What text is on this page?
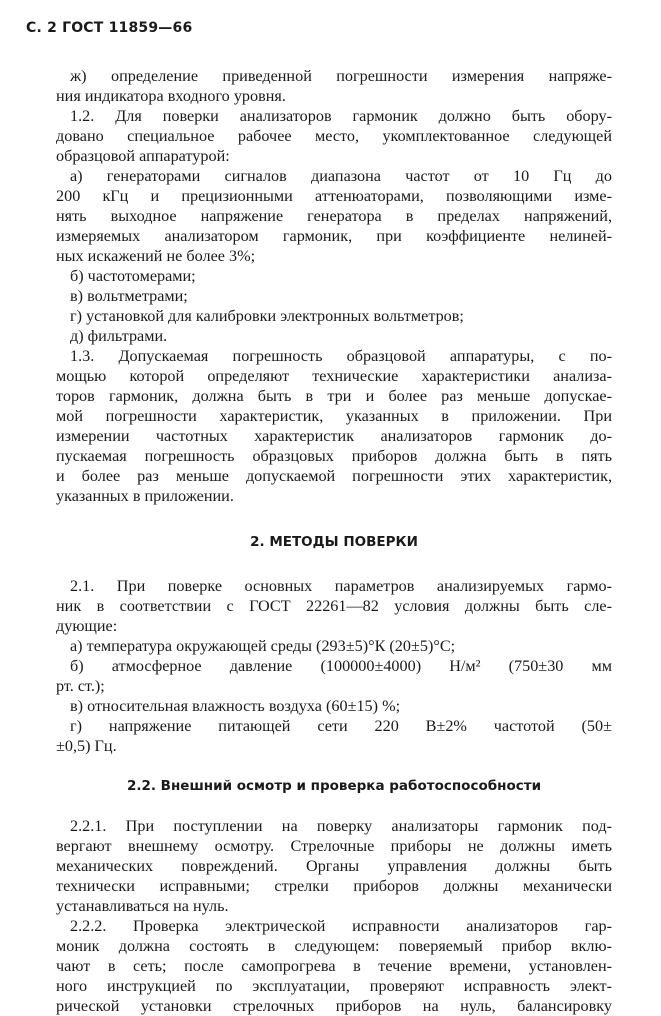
С. 2 ГОСТ 11859—66
ж) определение приведенной погрешности измерения напряже-
ния индикатора входного уровня.
1.2. Для поверки анализаторов гармоник должно быть обору-
довано специальное рабочее место, укомплектованное следующей
образцовой аппаратурой:
а) генераторами сигналов диапазона частот от 10 Гц до
200 кГц и прецизионными аттенюаторами, позволяющими изме-
нять выходное напряжение генератора в пределах напряжений,
измеряемых анализатором гармоник, при коэффициенте нелиней-
ных искажений не более 3%;
б) частотомерами;
в) вольтметрами;
г) установкой для калибровки электронных вольтметров;
д) фильтрами.
1.3. Допускаемая погрешность образцовой аппаратуры, с по-
мощью которой определяют технические характеристики анализа-
торов гармоник, должна быть в три и более раз меньше допускае-
мой погрешности характеристик, указанных в приложении. При
измерении частотных характеристик анализаторов гармоник до-
пускаемая погрешность образцовых приборов должна быть в пять
и более раз меньше допускаемой погрешности этих характеристик,
указанных в приложении.
2. МЕТОДЫ ПОВЕРКИ
2.1. При поверке основных параметров анализируемых гармо-
ник в соответствии с ГОСТ 22261—82 условия должны быть сле-
дующие:
а) температура окружающей среды (293±5)°К (20±5)°С;
б) атмосферное давление (100000±4000) Н/м² (750±30 мм
рт. ст.);
в) относительная влажность воздуха (60±15) %;
г) напряжение питающей сети 220 В±2% частотой (50±
±0,5) Гц.
2.2. Внешний осмотр и проверка работоспособности
2.2.1. При поступлении на поверку анализаторы гармоник под-
вергают внешнему осмотру. Стрелочные приборы не должны иметь
механических повреждений. Органы управления должны быть
технически исправными; стрелки приборов должны механически
устанавливаться на нуль.
2.2.2. Проверка электрической исправности анализаторов гар-
моник должна состоять в следующем: поверяемый прибор вклю-
чают в сеть; после самопрогрева в течение времени, установлен-
ного инструкцией по эксплуатации, проверяют исправность элект-
рической установки стрелочных приборов на нуль, балансировку
